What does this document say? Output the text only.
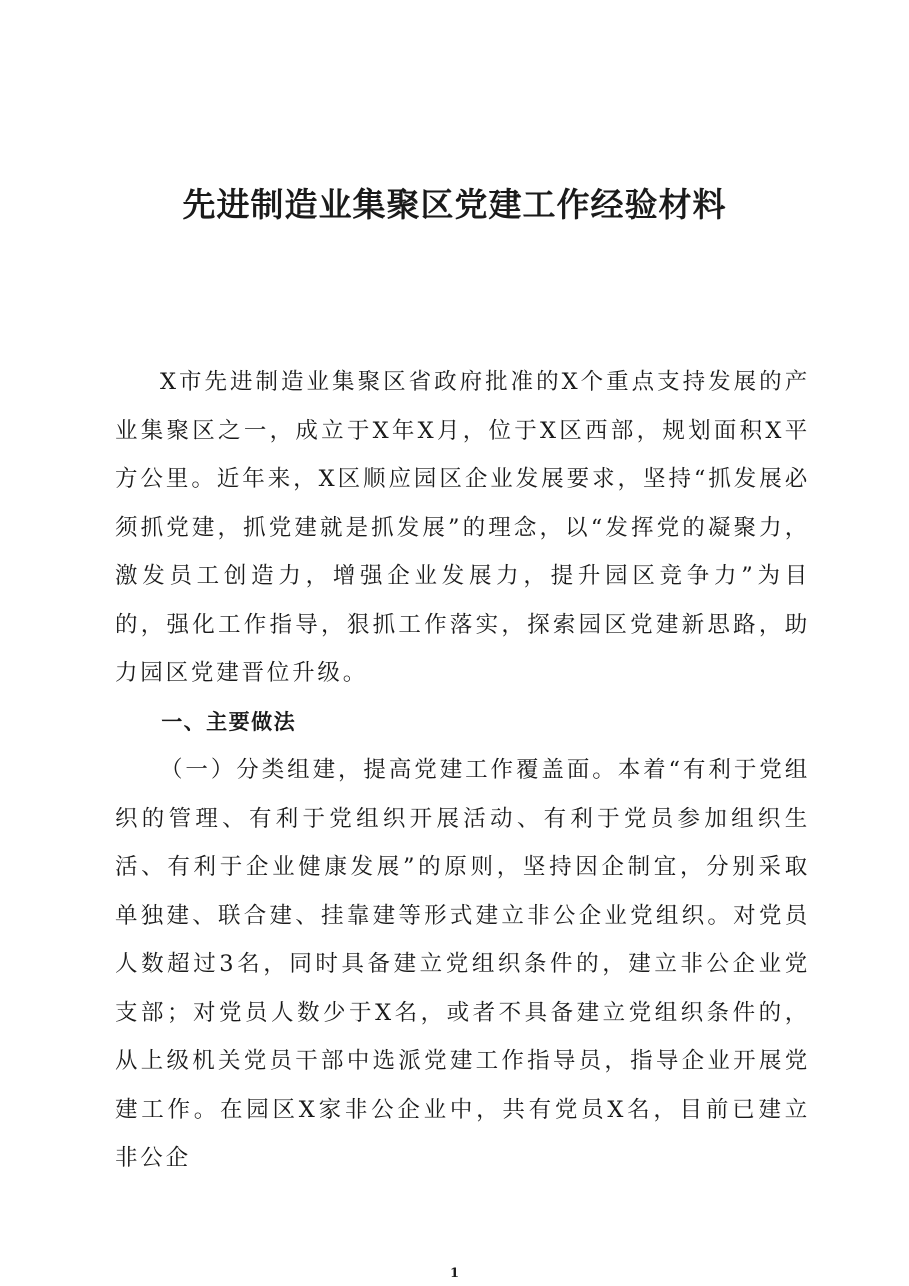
先进制造业集聚区党建工作经验材料

X市先进制造业集聚区省政府批准的X个重点支持发展的产业集聚区之一，成立于X年X月，位于X区西部，规划面积X平方公里。近年来，X区顺应园区企业发展要求，坚持“抓发展必须抓党建，抓党建就是抓发展”的理念，以“发挥党的凝聚力，激发员工创造力，增强企业发展力，提升园区竞争力”为目的，强化工作指导，狠抓工作落实，探索园区党建新思路，助力园区党建晋位升级。

一、主要做法

（一）分类组建，提高党建工作覆盖面。本着“有利于党组织的管理、有利于党组织开展活动、有利于党员参加组织生活、有利于企业健康发展”的原则，坚持因企制宜，分别采取单独建、联合建、挂靠建等形式建立非公企业党组织。对党员人数超过3名，同时具备建立党组织条件的，建立非公企业党支部；对党员人数少于X名，或者不具备建立党组织条件的，从上级机关党员干部中选派党建工作指导员，指导企业开展党建工作。在园区X家非公企业中，共有党员X名，目前已建立非公企

1
